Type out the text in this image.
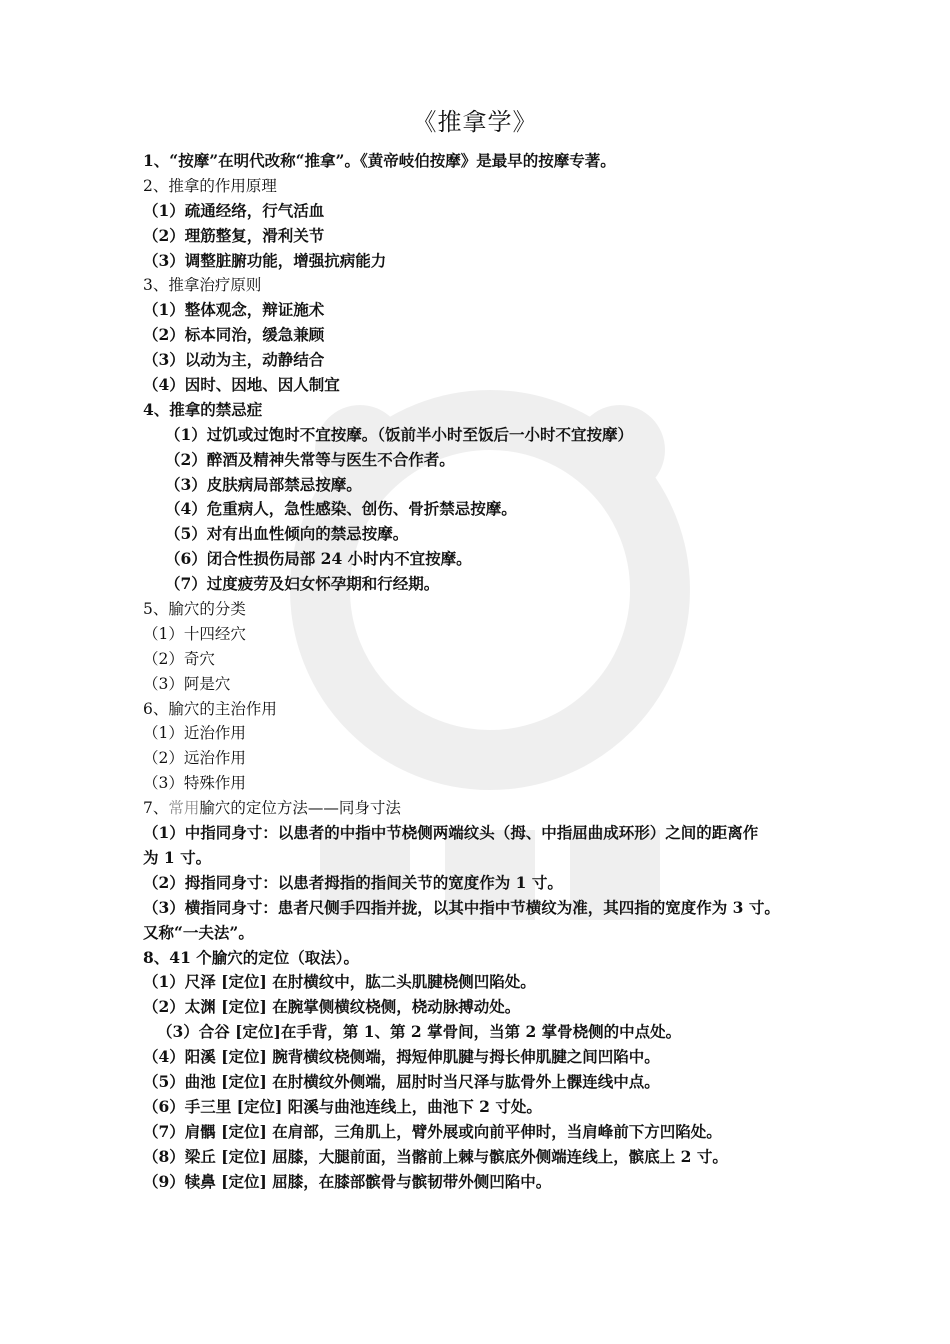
《推拿学》
1、“按摩”在明代改称“推拿”。《黄帝岐伯按摩》是最早的按摩专著。
2、推拿的作用原理
（1）疏通经络，行气活血
（2）理筋整复，滑利关节
（3）调整脏腑功能，增强抗病能力
3、推拿治疗原则
（1）整体观念，辩证施术
（2）标本同治，缓急兼顾
（3）以动为主，动静结合
（4）因时、因地、因人制宜
4、推拿的禁忌症
（1）过饥或过饱时不宜按摩。（饭前半小时至饭后一小时不宜按摩）
（2）醉酒及精神失常等与医生不合作者。
（3）皮肤病局部禁忌按摩。
（4）危重病人，急性感染、创伤、骨折禁忌按摩。
（5）对有出血性倾向的禁忌按摩。
（6）闭合性损伤局部 24 小时内不宜按摩。
（7）过度疲劳及妇女怀孕期和行经期。
5、腧穴的分类
（1）十四经穴
（2）奇穴
（3）阿是穴
6、腧穴的主治作用
（1）近治作用
（2）远治作用
（3）特殊作用
7、常用腧穴的定位方法——同身寸法
（1）中指同身寸：以患者的中指中节桡侧两端纹头（拇、中指屈曲成环形）之间的距离作
为 1 寸。
（2）拇指同身寸：以患者拇指的指间关节的宽度作为 1 寸。
（3）横指同身寸：患者尺侧手四指并拢，以其中指中节横纹为准，其四指的宽度作为 3 寸。
又称“一夫法”。
8、41 个腧穴的定位（取法）。
（1）尺泽 [定位] 在肘横纹中，肱二头肌腱桡侧凹陷处。
（2）太渊 [定位] 在腕掌侧横纹桡侧，桡动脉搏动处。
（3）合谷 [定位]在手背，第 1、第 2 掌骨间，当第 2 掌骨桡侧的中点处。
（4）阳溪 [定位] 腕背横纹桡侧端，拇短伸肌腱与拇长伸肌腱之间凹陷中。
（5）曲池 [定位] 在肘横纹外侧端，屈肘时当尺泽与肱骨外上髁连线中点。
（6）手三里 [定位] 阳溪与曲池连线上，曲池下 2 寸处。
（7）肩髃 [定位] 在肩部，三角肌上，臂外展或向前平伸时，当肩峰前下方凹陷处。
（8）梁丘 [定位] 屈膝，大腿前面，当髂前上棘与髌底外侧端连线上，髌底上 2 寸。
（9）犊鼻 [定位] 屈膝，在膝部髌骨与髌韧带外侧凹陷中。
